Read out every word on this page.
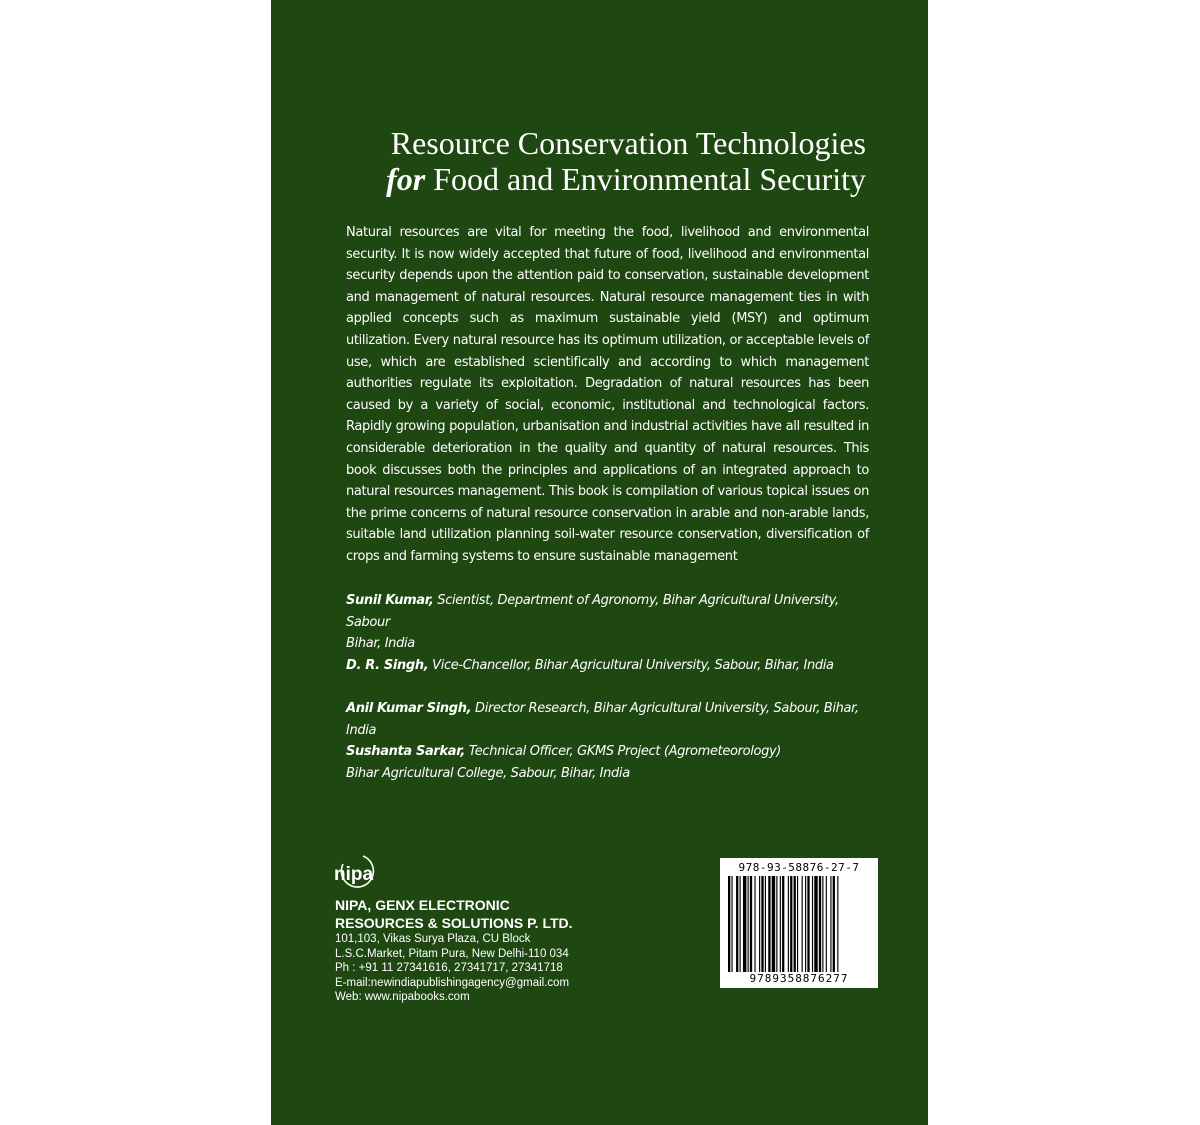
Resource Conservation Technologies
for Food and Environmental Security
Natural resources are vital for meeting the food, livelihood and environmental security. It is now widely accepted that future of food, livelihood and environmental security depends upon the attention paid to conservation, sustainable development and management of natural resources. Natural resource management ties in with applied concepts such as maximum sustainable yield (MSY) and optimum utilization. Every natural resource has its optimum utilization, or acceptable levels of use, which are established scientifically and according to which management authorities regulate its exploitation. Degradation of natural resources has been caused by a variety of social, economic, institutional and technological factors. Rapidly growing population, urbanisation and industrial activities have all resulted in considerable deterioration in the quality and quantity of natural resources. This book discusses both the principles and applications of an integrated approach to natural resources management. This book is compilation of various topical issues on the prime concerns of natural resource conservation in arable and non-arable lands, suitable land utilization planning soil-water resource conservation, diversification of crops and farming systems to ensure sustainable management
Sunil Kumar, Scientist, Department of Agronomy, Bihar Agricultural University, Sabour
Bihar, India
D. R. Singh, Vice-Chancellor, Bihar Agricultural University, Sabour, Bihar, India
Anil Kumar Singh, Director Research, Bihar Agricultural University, Sabour, Bihar, India
Sushanta Sarkar, Technical Officer, GKMS Project (Agrometeorology)
Bihar Agricultural College, Sabour, Bihar, India
nipa
NIPA, GENX ELECTRONIC
RESOURCES & SOLUTIONS P. LTD.
101,103, Vikas Surya Plaza, CU Block
L.S.C.Market, Pitam Pura, New Delhi-110 034
Ph : +91 11 27341616, 27341717, 27341718
E-mail:newindiapublishingagency@gmail.com
Web: www.nipabooks.com
978-93-58876-27-7
9789358876277
